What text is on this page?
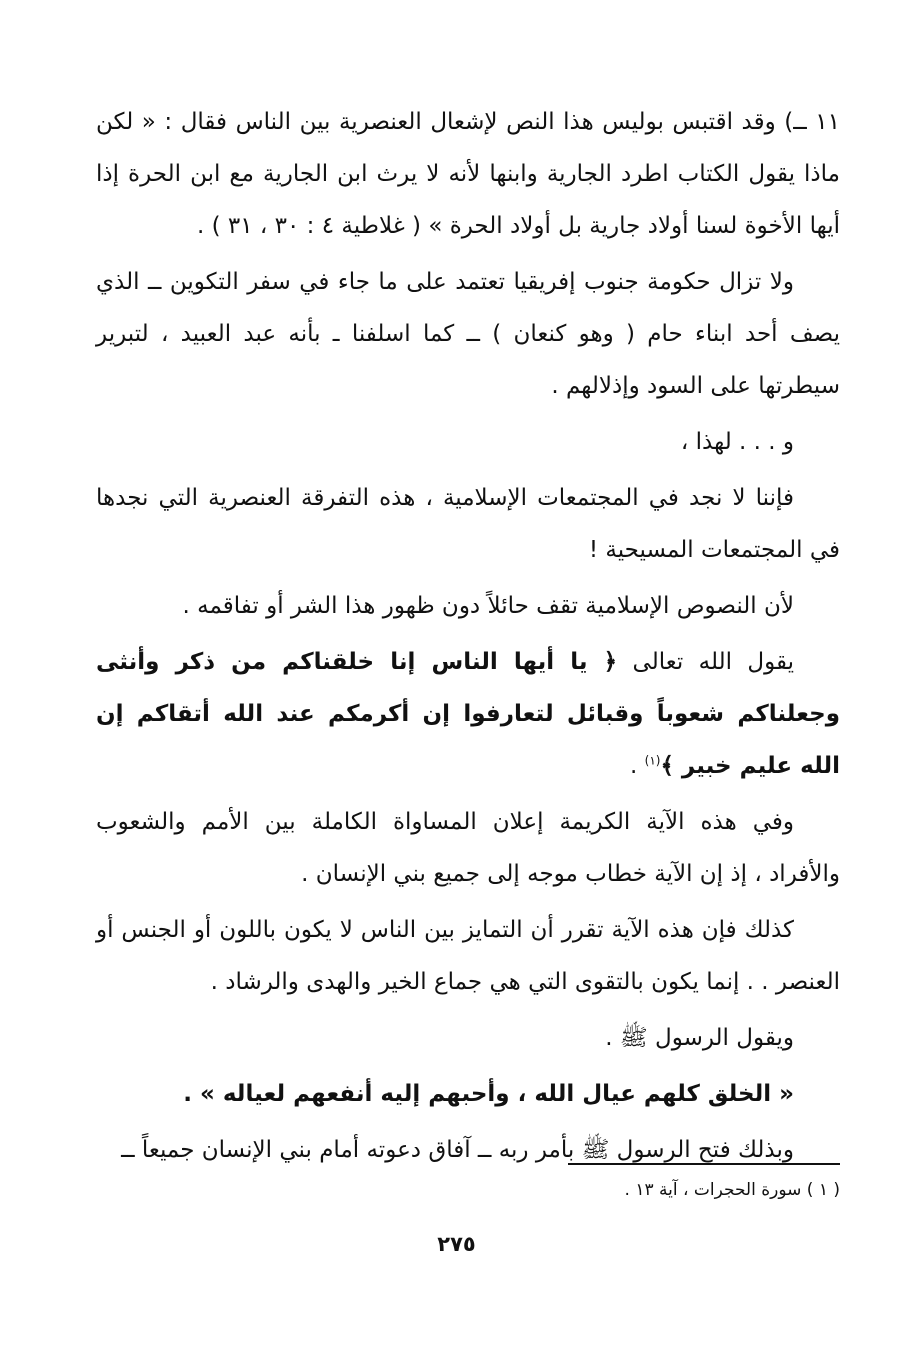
١١ ــ) وقد اقتبس بوليس هذا النص لإشعال العنصرية بين الناس فقال : « لكن ماذا يقول الكتاب اطرد الجارية وابنها لأنه لا يرث ابن الجارية مع ابن الحرة إذا أيها الأخوة لسنا أولاد جارية بل أولاد الحرة » ( غلاطية ٤ : ٣٠ ، ٣١ ) .

ولا تزال حكومة جنوب إفريقيا تعتمد على ما جاء في سفر التكوين ــ الذي يصف أحد ابناء حام ( وهو كنعان ) ــ كما اسلفنا ـ بأنه عبد العبيد ، لتبرير سيطرتها على السود وإذلالهم .

و . . . لهذا ،

فإننا لا نجد في المجتمعات الإسلامية ، هذه التفرقة العنصرية التي نجدها في المجتمعات المسيحية !

لأن النصوص الإسلامية تقف حائلاً دون ظهور هذا الشر أو تفاقمه .

يقول الله تعالى ﴿ يا أيها الناس إنا خلقناكم من ذكر وأنثى وجعلناكم شعوباً وقبائل لتعارفوا إن أكرمكم عند الله أتقاكم إن الله عليم خبير ﴾$^{(١)}$ .

وفي هذه الآية الكريمة إعلان المساواة الكاملة بين الأمم والشعوب والأفراد ، إذ إن الآية خطاب موجه إلى جميع بني الإنسان .

كذلك فإن هذه الآية تقرر أن التمايز بين الناس لا يكون باللون أو الجنس أو العنصر . . إنما يكون بالتقوى التي هي جماع الخير والهدى والرشاد .

ويقول الرسول ﷺ .

« الخلق كلهم عيال الله ، وأحبهم إليه أنفعهم لعياله » .

وبذلك فتح الرسول ﷺ بأمر ربه ــ آفاق دعوته أمام بني الإنسان جميعاً ــ

( ١ ) سورة الحجرات ، آية ١٣ .
٢٧٥
